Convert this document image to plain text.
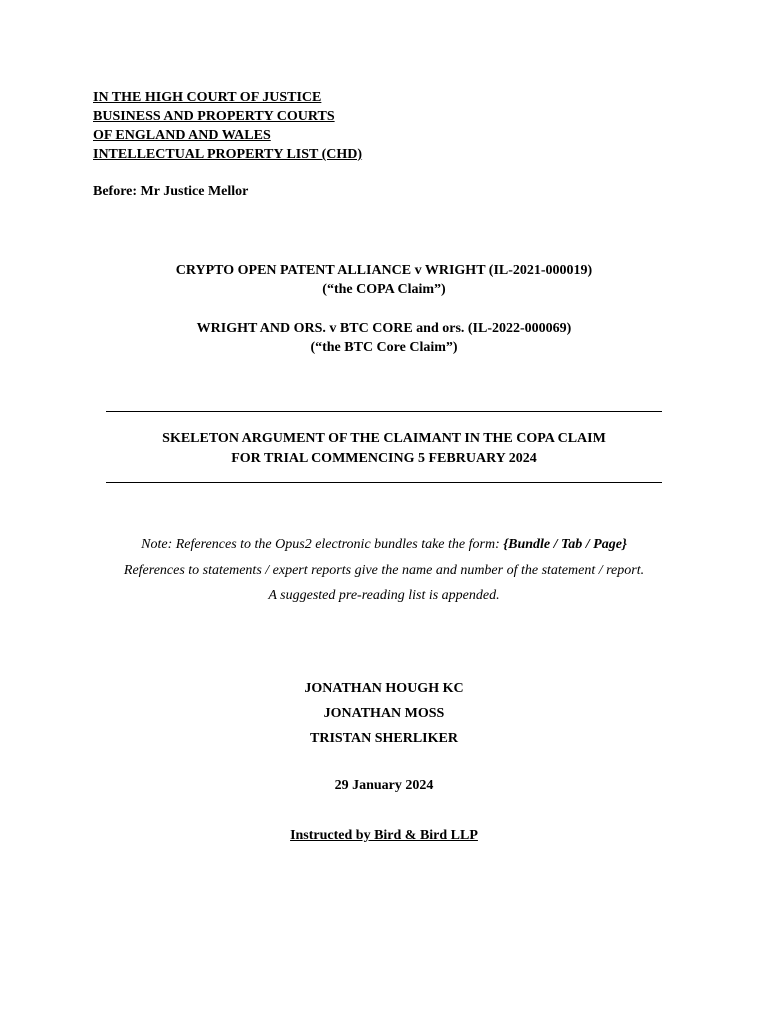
IN THE HIGH COURT OF JUSTICE
BUSINESS AND PROPERTY COURTS
OF ENGLAND AND WALES
INTELLECTUAL PROPERTY LIST (CHD)
Before: Mr Justice Mellor
CRYPTO OPEN PATENT ALLIANCE v WRIGHT (IL-2021-000019)
(“the COPA Claim”)
WRIGHT AND ORS. v BTC CORE and ors. (IL-2022-000069)
(“the BTC Core Claim”)
SKELETON ARGUMENT OF THE CLAIMANT IN THE COPA CLAIM
FOR TRIAL COMMENCING 5 FEBRUARY 2024
Note: References to the Opus2 electronic bundles take the form: {Bundle / Tab / Page}
References to statements / expert reports give the name and number of the statement / report.
A suggested pre-reading list is appended.
JONATHAN HOUGH KC
JONATHAN MOSS
TRISTAN SHERLIKER
29 January 2024
Instructed by Bird & Bird LLP
